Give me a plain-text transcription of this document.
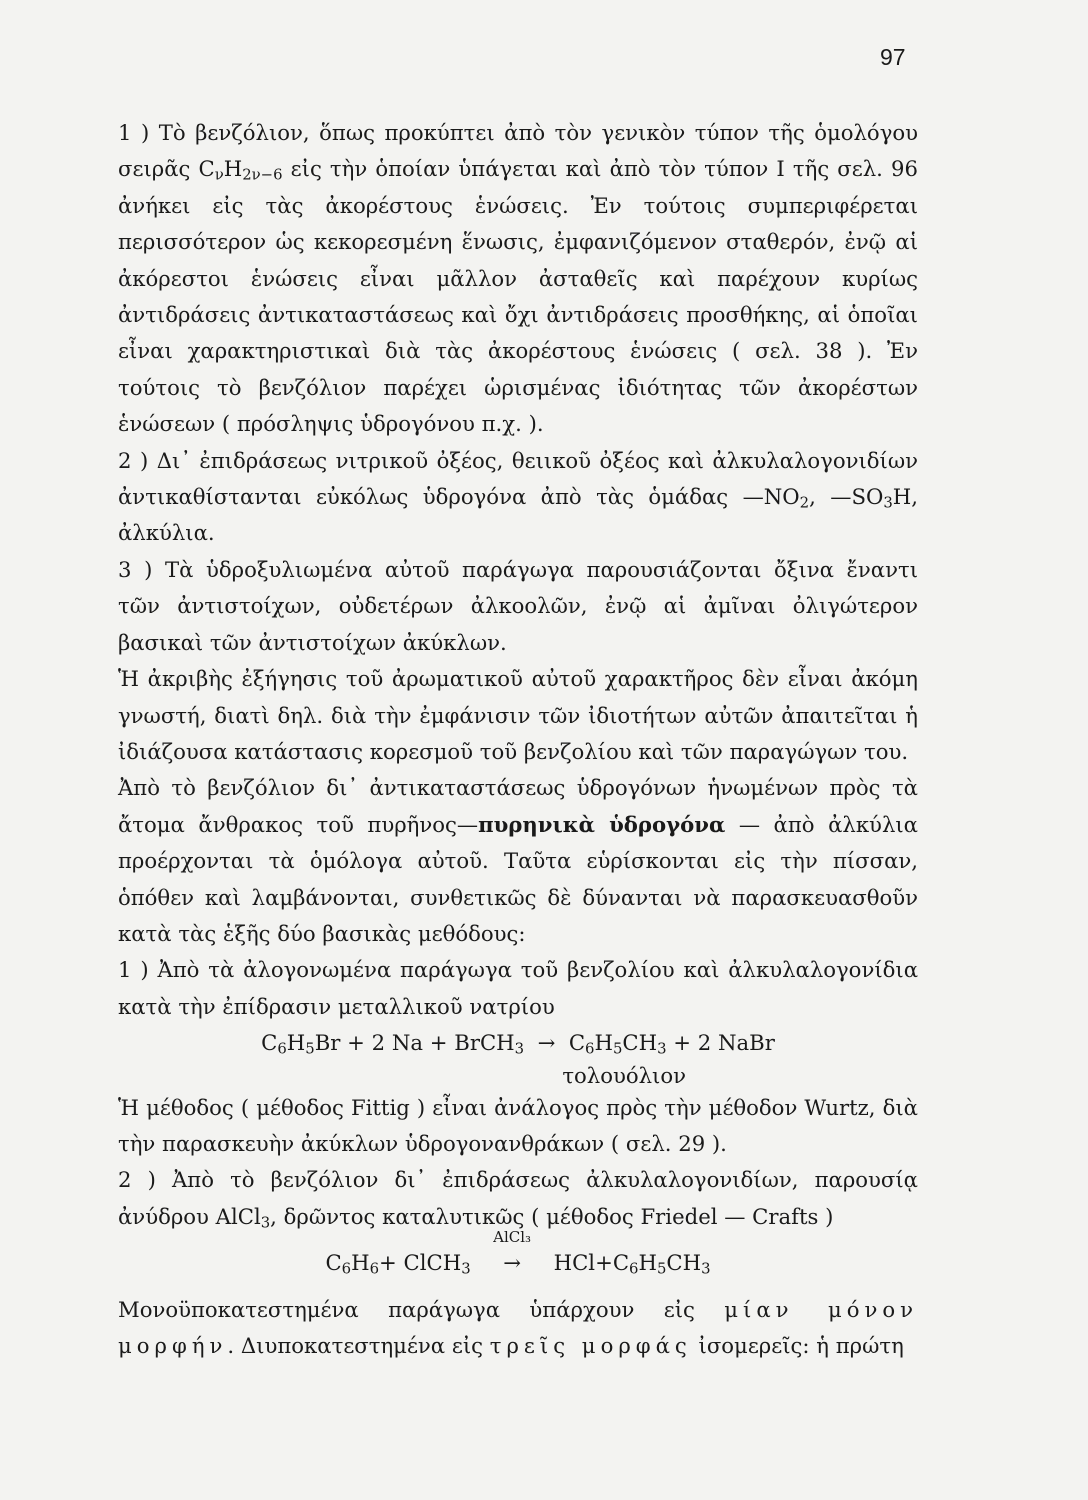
97

1 ) Τὸ βενζόλιον, ὅπως προκύπτει ἀπὸ τὸν γενικὸν τύπον τῆς ὁμολόγου σειρᾶς $C_\nu H_{2\nu-6}$ εἰς τὴν ὁποίαν ὑπάγεται καὶ ἀπὸ τὸν τύπον I τῆς σελ. 96 ἀνήκει εἰς τὰς ἀκορέστους ἑνώσεις. Ἐν τούτοις συμπεριφέρεται περισσότερον ὡς κεκορεσμένη ἕνωσις, ἐμφανιζόμενον σταθερόν, ἐνῷ αἱ ἀκόρεστοι ἑνώσεις εἶναι μᾶλλον ἀσταθεῖς καὶ παρέχουν κυρίως ἀντιδράσεις ἀντικαταστάσεως καὶ ὄχι ἀντιδράσεις προσθήκης, αἱ ὁποῖαι εἶναι χαρακτηριστικαὶ διὰ τὰς ἀκορέστους ἑνώσεις ( σελ. 38 ). Ἐν τούτοις τὸ βενζόλιον παρέχει ὡρισμένας ἰδιότητας τῶν ἀκορέστων ἑνώσεων ( πρόσληψις ὑδρογόνου π.χ. ).

2 ) Δι᾿ ἐπιδράσεως νιτρικοῦ ὀξέος, θειικοῦ ὀξέος καὶ ἀλκυλαλογονιδίων ἀντικαθίστανται εὐκόλως ὑδρογόνα ἀπὸ τὰς ὁμάδας $—NO_2$, $—SO_3H$, ἀλκύλια.

3 ) Τὰ ὑδροξυλιωμένα αὐτοῦ παράγωγα παρουσιάζονται ὄξινα ἔναντι τῶν ἀντιστοίχων, οὐδετέρων ἀλκοολῶν, ἐνῷ αἱ ἀμῖναι ὀλιγώτερον βασικαὶ τῶν ἀντιστοίχων ἀκύκλων.

Ἡ ἀκριβὴς ἐξήγησις τοῦ ἀρωματικοῦ αὐτοῦ χαρακτῆρος δὲν εἶναι ἀκόμη γνωστή, διατὶ δηλ. διὰ τὴν ἐμφάνισιν τῶν ἰδιοτήτων αὐτῶν ἀπαιτεῖται ἡ ἰδιάζουσα κατάστασις κορεσμοῦ τοῦ βενζολίου καὶ τῶν παραγώγων του.

Ἀπὸ τὸ βενζόλιον δι᾿ ἀντικαταστάσεως ὑδρογόνων ἡνωμένων πρὸς τὰ ἄτομα ἄνθρακος τοῦ πυρῆνος—πυρηνικὰ ὑδρογόνα — ἀπὸ ἀλκύλια προέρχονται τὰ ὁμόλογα αὐτοῦ. Ταῦτα εὑρίσκονται εἰς τὴν πίσσαν, ὁπόθεν καὶ λαμβάνονται, συνθετικῶς δὲ δύνανται νὰ παρασκευασθοῦν κατὰ τὰς ἑξῆς δύο βασικὰς μεθόδους:

1 ) Ἀπὸ τὰ ἀλογονωμένα παράγωγα τοῦ βενζολίου καὶ ἀλκυλαλογονίδια κατὰ τὴν ἐπίδρασιν μεταλλικοῦ νατρίου

$C_6H_5Br + 2$ Na + BrCH$_3$ → $C_6H_5CH_3 + 2$ NaBr

τολουόλιον

Ἡ μέθοδος ( μέθοδος Fittig ) εἶναι ἀνάλογος πρὸς τὴν μέθοδον Wurtz, διὰ τὴν παρασκευὴν ἀκύκλων ὑδρογονανθράκων ( σελ. 29 ).

2 ) Ἀπὸ τὸ βενζόλιον δι᾿ ἐπιδράσεως ἀλκυλαλογονιδίων, παρουσίᾳ ἀνύδρου AlCl$_3$, δρῶντος καταλυτικῶς ( μέθοδος Friedel — Crafts )

$C_6H_6+$ ClCH$_3$
AlCl₃
→ $HCl+C_6H_5CH_3$

Μονοϋποκατεστημένα παράγωγα ὑπάρχουν εἰς μίαν μόνον μορφήν. Διυποκατεστημένα εἰς τρεῖς μορφάς ἰσομερεῖς: ἡ πρώτη
